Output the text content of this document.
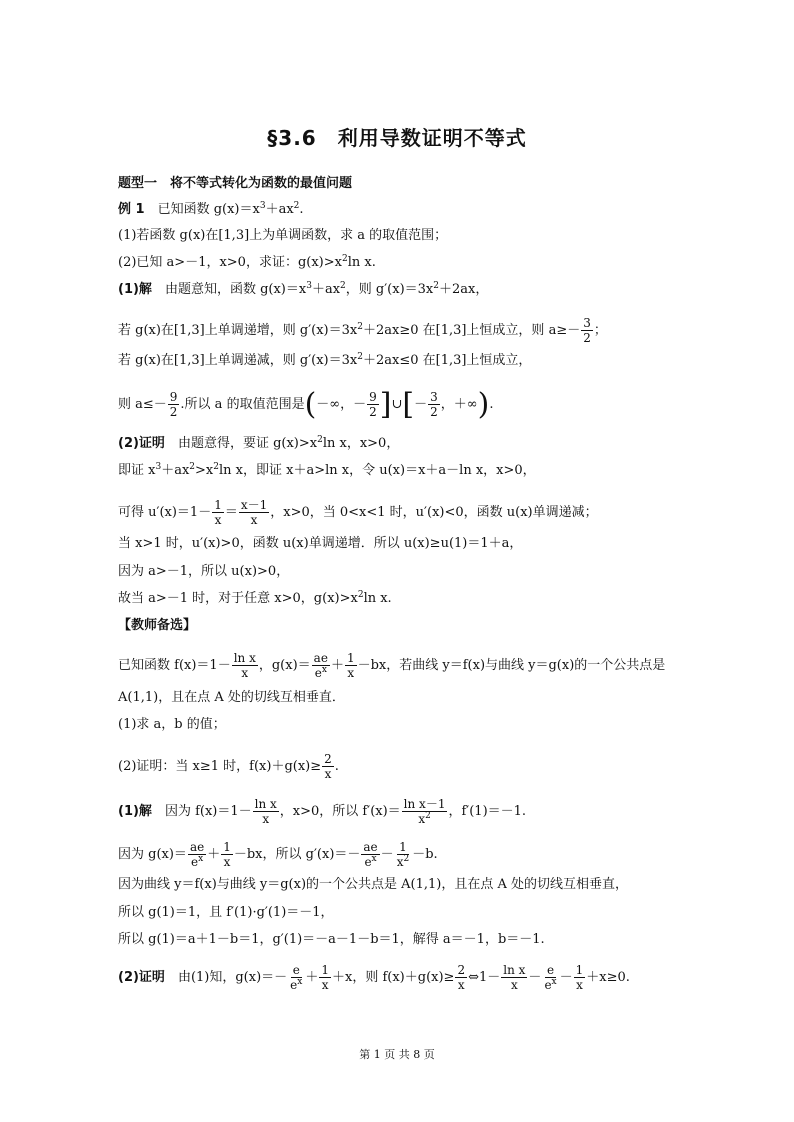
§3.6　利用导数证明不等式
题型一　将不等式转化为函数的最值问题
例 1　已知函数 $g(x)=x^3+ax^2$.
(1)若函数 g(x)在[1,3]上为单调函数，求 a 的取值范围；
(2)已知 a>－1，x>0，求证：$g(x)>x^2\ln$ x.
(1)解　由题意知，函数 $g(x)=x^3+ax^2$，则 $g'(x)=3x^2+2ax$，
若 g(x)在[1,3]上单调递增，则 $g'(x)=3x^2+2ax\ge 0$ 在[1,3]上恒成立，则 $a\ge- \frac{3}{2}$ ；
若 g(x)在[1,3]上单调递减，则 $g'(x)=3x^2+2ax\le 0$ 在[1,3]上恒成立，
则 $a\le- \frac{9}{2}$ .所以 a 的取值范围是(－∞，－ $\frac{9}{2}$ ]∪[－ $\frac{3}{2}$ ，＋∞).
(2)证明　由题意得，要证 $g(x)>x^2\ln$ x，x>0，
即证 $x^3+ax^2>x^2\ln$ x，即证 x＋a>ln x，令 u(x)＝x＋a－ln x，x>0，
可得 $u'(x)=1- \frac{1}{x} = \frac{x-1}{x}$ ，x>0，当 0<x<1 时，u′(x)<0，函数 u(x)单调递减；
当 x>1 时，u′(x)>0，函数 u(x)单调递增．所以 u(x)≥u(1)＝1＋a，
因为 a>－1，所以 u(x)>0，
故当 a>－1 时，对于任意 x>0，$g(x)>x^2\ln$ x.
【教师备选】
已知函数 $f(x)=1- \frac{\text{ln x}}{x}$ ，$g(x)= \frac{ae}{e^x} + \frac{1}{x} -bx$，若曲线 y＝f(x)与曲线 y＝g(x)的一个公共点是
A(1,1)，且在点 A 处的切线互相垂直．
(1)求 a，b 的值；
(2)证明：当 x≥1 时，$f(x)+g(x)\ge \frac{2}{x}$ .
(1)解　因为 $f(x)=1- \frac{\text{ln x}}{x}$ ，x>0，所以 $f'(x)= \frac{\text{ln x－1}}{x^2}$ ，f′(1)＝－1.
因为 $g(x)= \frac{ae}{e^x} + \frac{1}{x} -bx$，所以 $g'(x)=- \frac{ae}{e^x} - \frac{1}{x^2} -b$.
因为曲线 y＝f(x)与曲线 y＝g(x)的一个公共点是 A(1,1)，且在点 A 处的切线互相垂直，
所以 g(1)＝1，且 f′(1)·g′(1)＝－1，
所以 g(1)＝a＋1－b＝1，g′(1)＝－a－1－b＝1，解得 a＝－1，b＝－1.
(2)证明　由(1)知，$g(x)=- \frac{e}{e^x} + \frac{1}{x} +x$，则 $f(x)+g(x)\ge \frac{2}{x}$ ⇔1－ $\frac{\text{ln x}}{x} - \frac{e}{e^x} - \frac{1}{x} +x\ge 0$.
第 1 页 共 8 页
